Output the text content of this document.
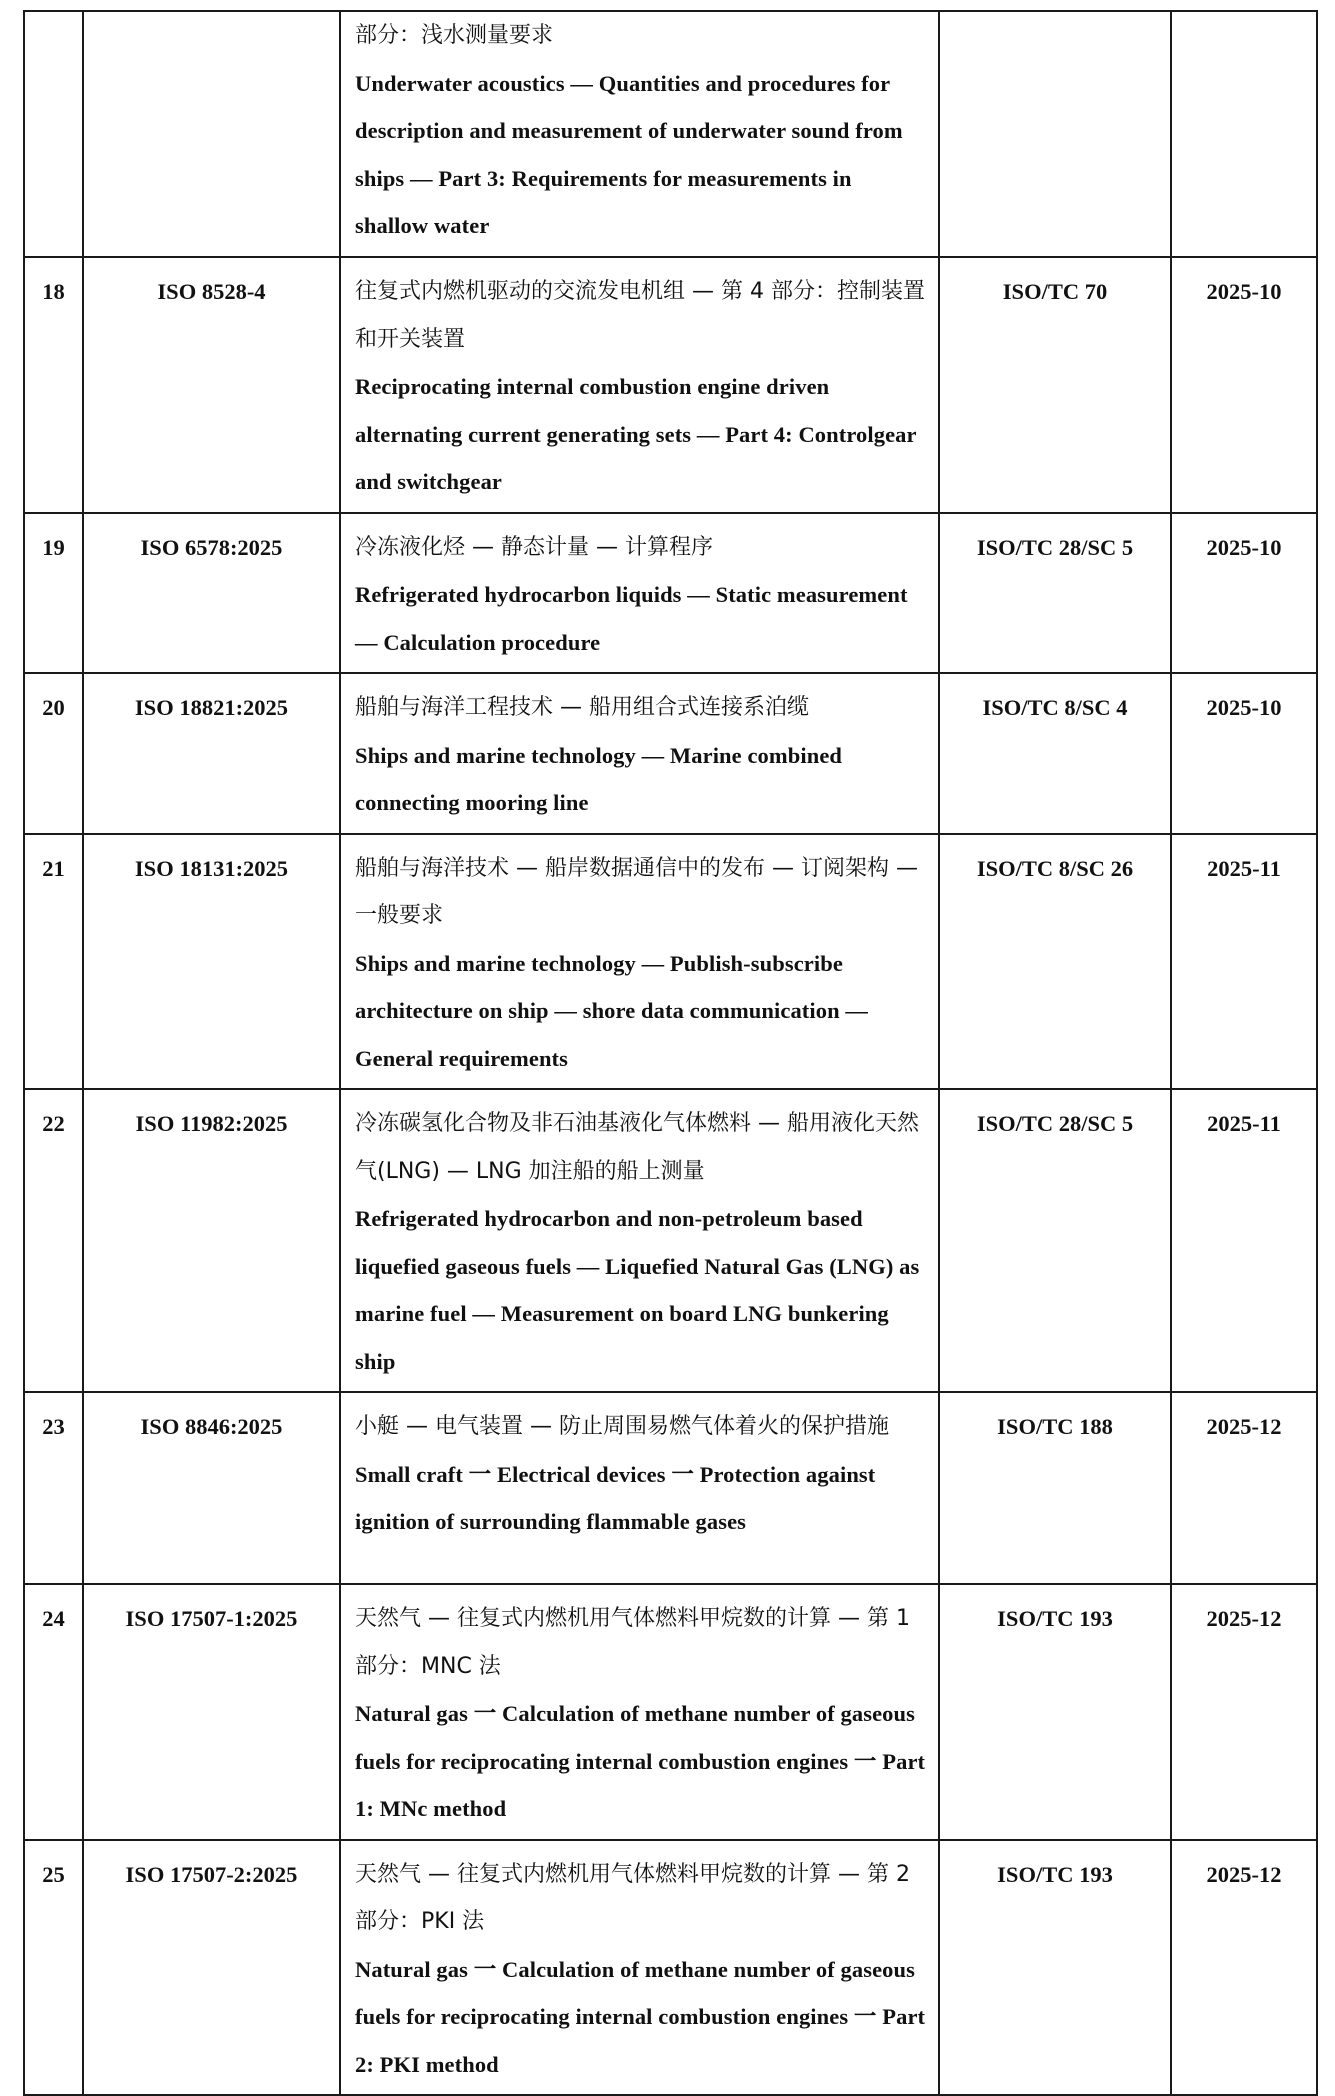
		部分：浅水测量要求
Underwater acoustics — Quantities and procedures for description and measurement of underwater sound from ships — Part 3: Requirements for measurements in shallow water		

18	ISO 8528-4	往复式内燃机驱动的交流发电机组 — 第 4 部分：控制装置和开关装置
Reciprocating internal combustion engine driven alternating current generating sets — Part 4: Controlgear and switchgear	ISO/TC 70	2025-10
19	ISO 6578:2025	冷冻液化烃 — 静态计量 — 计算程序
Refrigerated hydrocarbon liquids — Static measurement — Calculation procedure	ISO/TC 28/SC 5	2025-10
20	ISO 18821:2025	船舶与海洋工程技术 — 船用组合式连接系泊缆
Ships and marine technology — Marine combined connecting mooring line	ISO/TC 8/SC 4	2025-10
21	ISO 18131:2025	船舶与海洋技术 — 船岸数据通信中的发布 — 订阅架构 — 一般要求
Ships and marine technology — Publish-subscribe architecture on ship — shore data communication — General requirements	ISO/TC 8/SC 26	2025-11
22	ISO 11982:2025	冷冻碳氢化合物及非石油基液化气体燃料 — 船用液化天然气(LNG) — LNG 加注船的船上测量
Refrigerated hydrocarbon and non-petroleum based liquefied gaseous fuels — Liquefied Natural Gas (LNG) as marine fuel — Measurement on board LNG bunkering ship	ISO/TC 28/SC 5	2025-11
23	ISO 8846:2025	小艇 — 电气装置 — 防止周围易燃气体着火的保护措施
Small craft 一 Electrical devices 一 Protection against ignition of surrounding flammable gases	ISO/TC 188	2025-12
24	ISO 17507-1:2025	天然气 — 往复式内燃机用气体燃料甲烷数的计算 — 第 1 部分：MNC 法
Natural gas 一 Calculation of methane number of gaseous fuels for reciprocating internal combustion engines 一 Part 1: MNc method	ISO/TC 193	2025-12
25	ISO 17507-2:2025	天然气 — 往复式内燃机用气体燃料甲烷数的计算 — 第 2 部分：PKI 法
Natural gas 一 Calculation of methane number of gaseous fuels for reciprocating internal combustion engines 一 Part 2: PKI method	ISO/TC 193	2025-12
